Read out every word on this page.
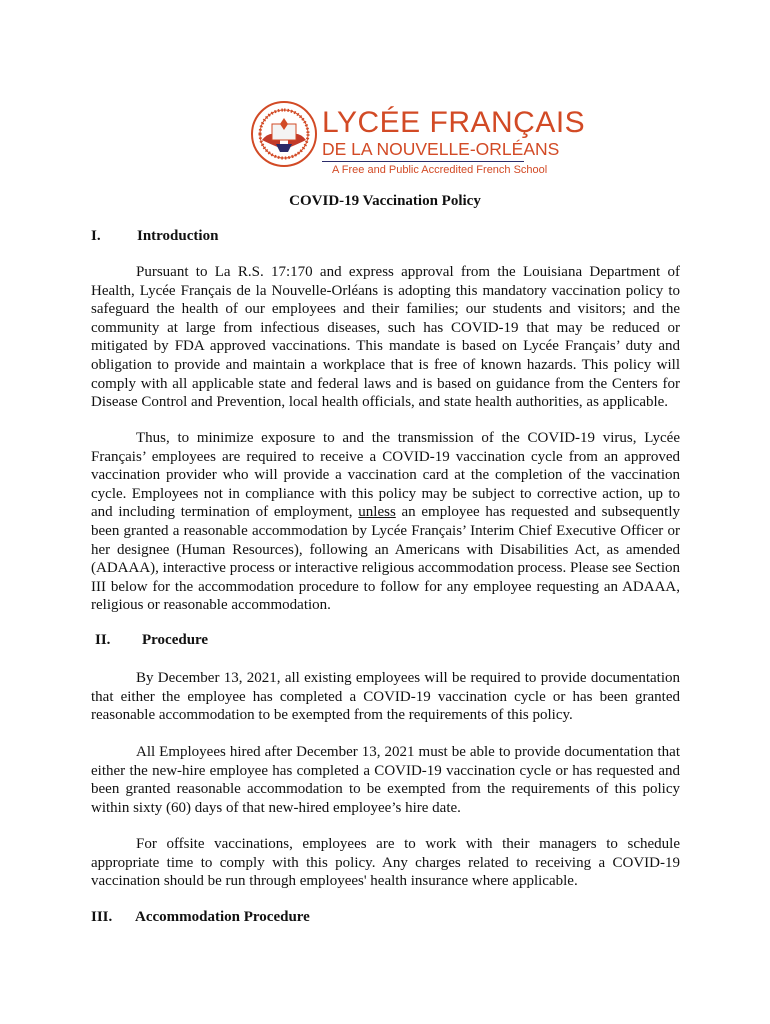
LYCÉE FRANÇAIS
DE LA NOUVELLE-ORLÉANS
A Free and Public Accredited French School
COVID-19 Vaccination Policy
I. Introduction

Pursuant to La R.S. 17:170 and express approval from the Louisiana Department of Health, Lycée Français de la Nouvelle-Orléans is adopting this mandatory vaccination policy to safeguard the health of our employees and their families; our students and visitors; and the community at large from infectious diseases, such has COVID-19 that may be reduced or mitigated by FDA approved vaccinations. This mandate is based on Lycée Français’ duty and obligation to provide and maintain a workplace that is free of known hazards. This policy will comply with all applicable state and federal laws and is based on guidance from the Centers for Disease Control and Prevention, local health officials, and state health authorities, as applicable.

Thus, to minimize exposure to and the transmission of the COVID-19 virus, Lycée Français’ employees are required to receive a COVID-19 vaccination cycle from an approved vaccination provider who will provide a vaccination card at the completion of the vaccination cycle. Employees not in compliance with this policy may be subject to corrective action, up to and including termination of employment, unless an employee has requested and subsequently been granted a reasonable accommodation by Lycée Français’ Interim Chief Executive Officer or her designee (Human Resources), following an Americans with Disabilities Act, as amended (ADAAA), interactive process or interactive religious accommodation process. Please see Section III below for the accommodation procedure to follow for any employee requesting an ADAAA, religious or reasonable accommodation.

II. Procedure

By December 13, 2021, all existing employees will be required to provide documentation that either the employee has completed a COVID-19 vaccination cycle or has been granted reasonable accommodation to be exempted from the requirements of this policy.

All Employees hired after December 13, 2021 must be able to provide documentation that either the new-hire employee has completed a COVID-19 vaccination cycle or has requested and been granted reasonable accommodation to be exempted from the requirements of this policy within sixty (60) days of that new-hired employee’s hire date.

For offsite vaccinations, employees are to work with their managers to schedule appropriate time to comply with this policy. Any charges related to receiving a COVID-19 vaccination should be run through employees' health insurance where applicable.

III. Accommodation Procedure
